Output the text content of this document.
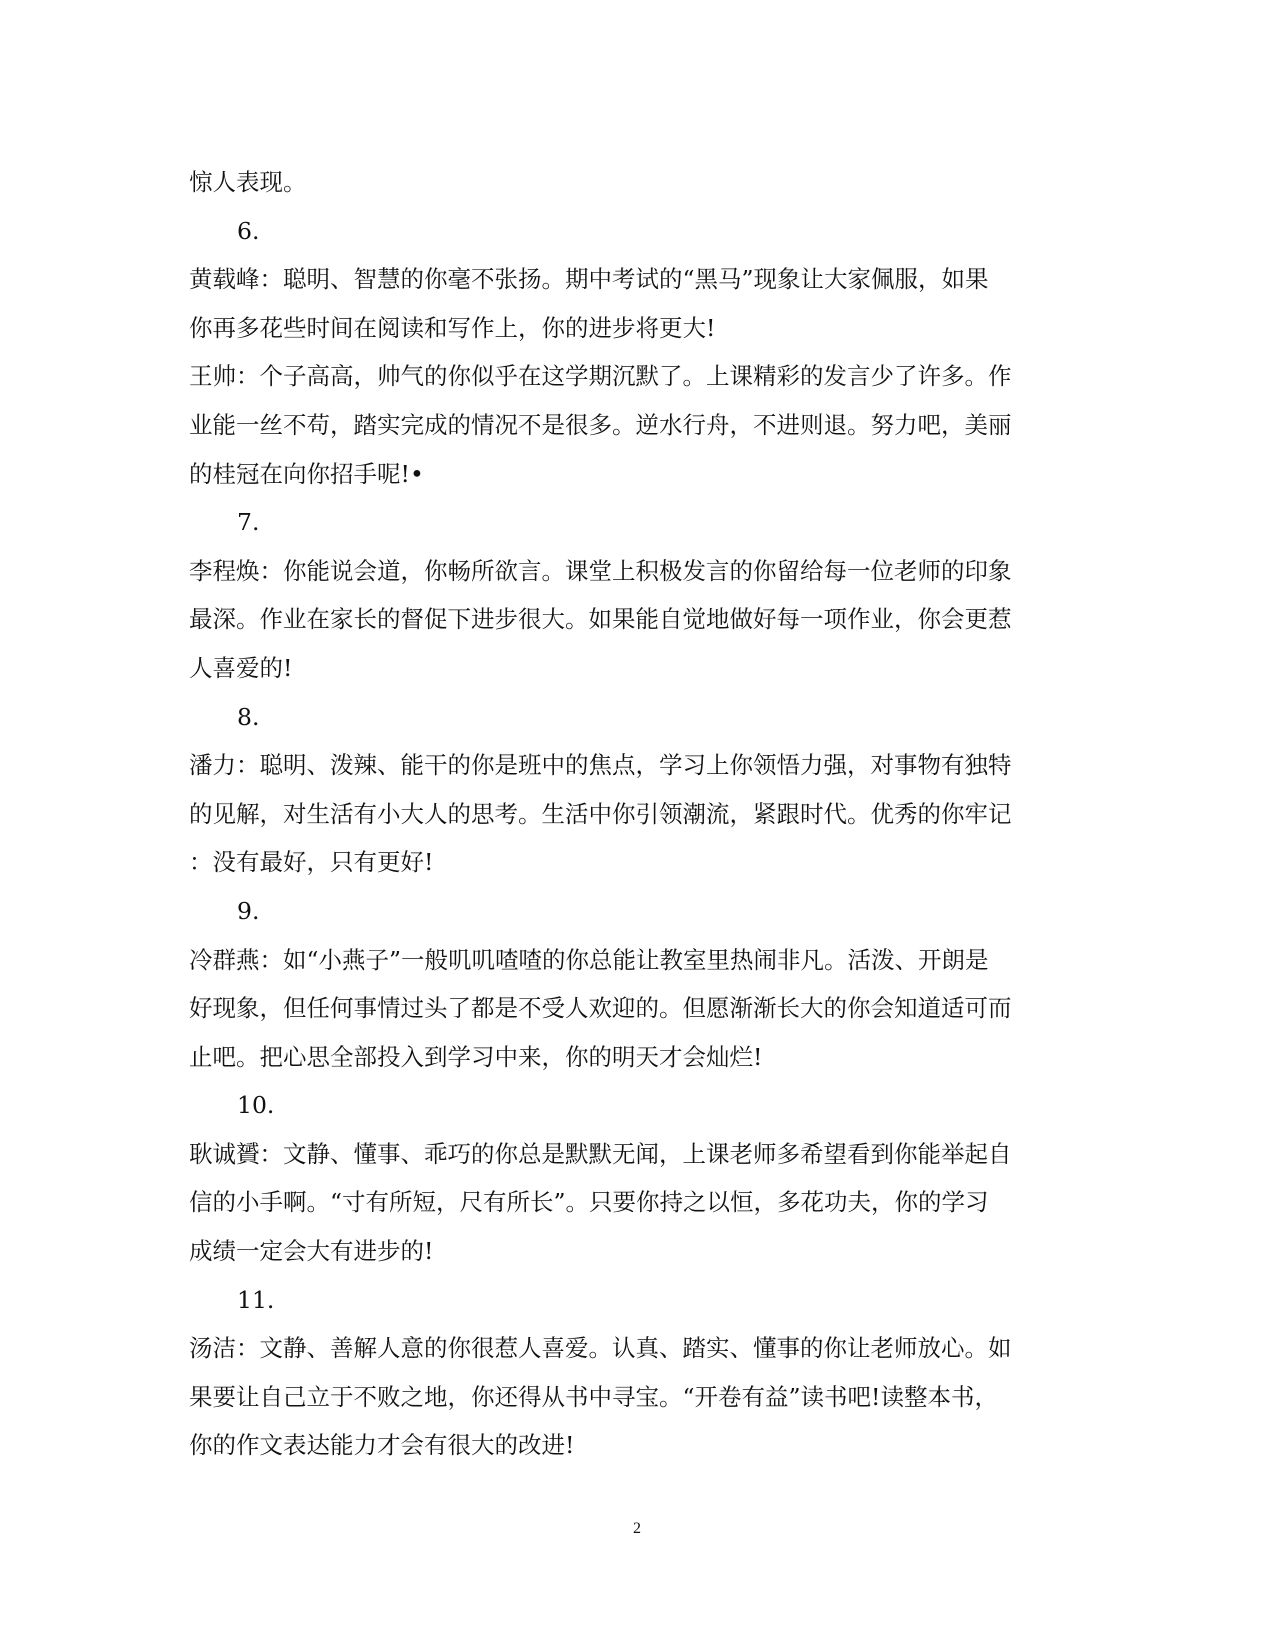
惊人表现。
6.
黄载峰：聪明、智慧的你毫不张扬。期中考试的“黑马”现象让大家佩服，如果
你再多花些时间在阅读和写作上，你的进步将更大!
王帅：个子高高，帅气的你似乎在这学期沉默了。上课精彩的发言少了许多。作
业能一丝不苟，踏实完成的情况不是很多。逆水行舟，不进则退。努力吧，美丽
的桂冠在向你招手呢!•
7.
李程焕：你能说会道，你畅所欲言。课堂上积极发言的你留给每一位老师的印象
最深。作业在家长的督促下进步很大。如果能自觉地做好每一项作业，你会更惹
人喜爱的!
8.
潘力：聪明、泼辣、能干的你是班中的焦点，学习上你领悟力强，对事物有独特
的见解，对生活有小大人的思考。生活中你引领潮流，紧跟时代。优秀的你牢记
：没有最好，只有更好!
9.
冷群燕：如“小燕子”一般叽叽喳喳的你总能让教室里热闹非凡。活泼、开朗是
好现象，但任何事情过头了都是不受人欢迎的。但愿渐渐长大的你会知道适可而
止吧。把心思全部投入到学习中来，你的明天才会灿烂!
10.
耿诚贇：文静、懂事、乖巧的你总是默默无闻，上课老师多希望看到你能举起自
信的小手啊。“寸有所短，尺有所长”。只要你持之以恒，多花功夫，你的学习
成绩一定会大有进步的!
11.
汤洁：文静、善解人意的你很惹人喜爱。认真、踏实、懂事的你让老师放心。如
果要让自己立于不败之地，你还得从书中寻宝。“开卷有益”读书吧!读整本书，
你的作文表达能力才会有很大的改进!
2
